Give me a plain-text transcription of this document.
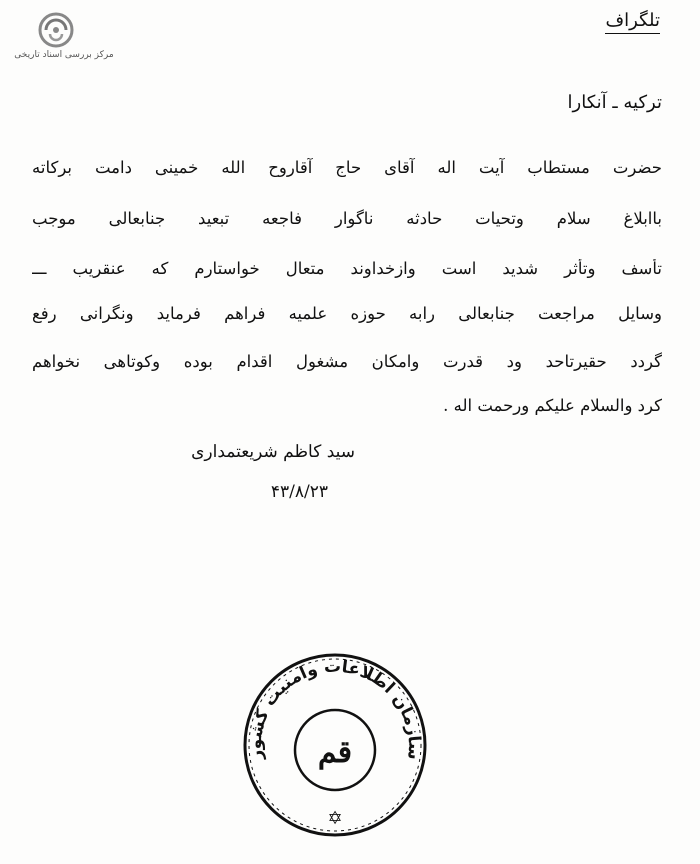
مرکز بررسی اسناد تاریخی
تلگراف
ترکیه ـ آنکارا
حضرت مستطاب آیت اله آقای حاج آقاروح الله خمینی دامت برکاته
باابلاغ سلام وتحیات حادثه ناگوار فاجعه تبعید جنابعالی موجب
تأسف وتأثر شدید است وازخداوند متعال خواستارم که عنقریب ـــ
وسایل مراجعت جنابعالی رابه حوزه علمیه فراهم فرماید ونگرانی رفع
گردد حقیرتاحد ود قدرت وامکان مشغول اقدام بوده وکوتاهی نخواهم
کرد والسلام علیکم ورحمت اله .
سید کاظم شریعتمداری
۴۳/۸/۲۳
سازمان اطلاعات وامنیت کشور
قم
✡
